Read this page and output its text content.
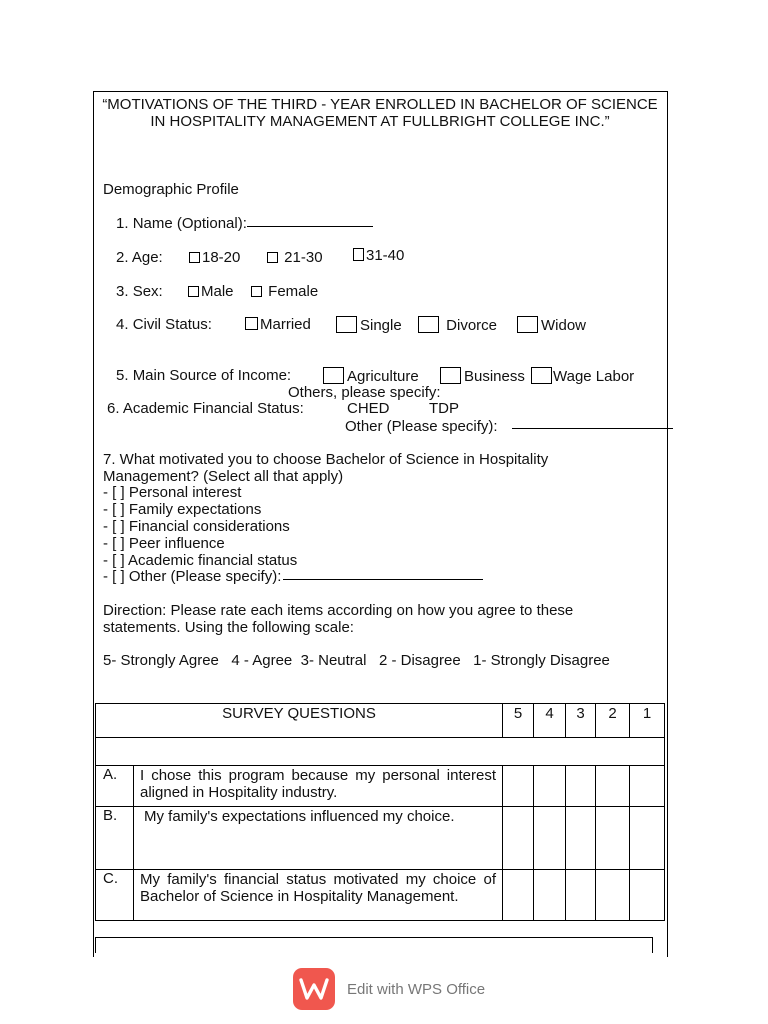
“MOTIVATIONS OF THE THIRD - YEAR ENROLLED IN BACHELOR OF SCIENCE IN HOSPITALITY MANAGEMENT AT FULLBRIGHT COLLEGE INC.”
Demographic Profile
1. Name (Optional):
2. Age:	18-20	21-30	31-40
3. Sex:	Male	Female
4. Civil Status:	Married	Single	Divorce	Widow
5. Main Source of Income:	Agriculture	Business	Wage Labor
Others, please specify:
6. Academic Financial Status:	CHED	TDP
Other (Please specify):
7. What motivated you to choose Bachelor of Science in Hospitality Management? (Select all that apply)
- [ ] Personal interest
- [ ] Family expectations
- [ ] Financial considerations
- [ ] Peer influence
- [ ] Academic financial status
- [ ] Other (Please specify):
Direction: Please rate each items according on how you agree to these statements. Using the following scale:
5- Strongly Agree   4 - Agree  3- Neutral   2 - Disagree   1- Strongly Disagree
SURVEY QUESTIONS		5	4	3	2	1

A.	I chose this program because my personal interest aligned in Hospitality industry.					
B.	My family's expectations influenced my choice.					
C.	My family's financial status motivated my choice of Bachelor of Science in Hospitality Management.					
Edit with WPS Office
